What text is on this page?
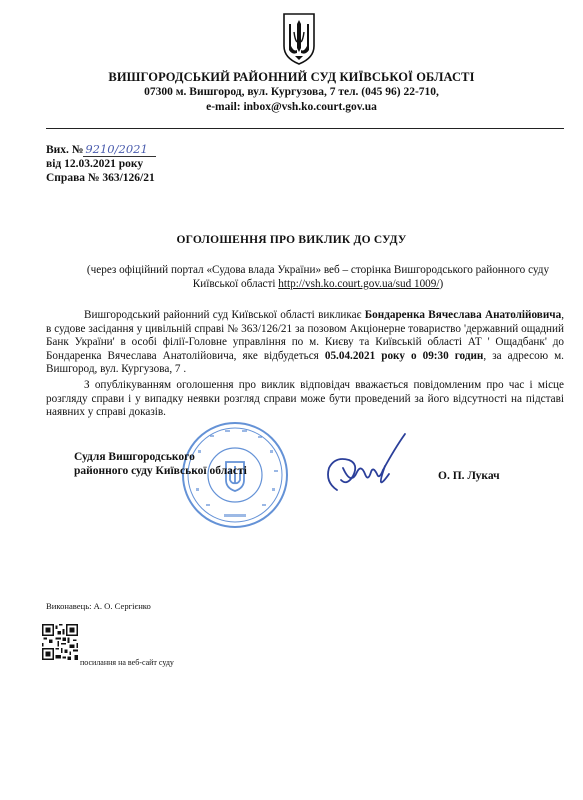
ВИШГОРОДСЬКИЙ РАЙОННИЙ СУД КИЇВСЬКОЇ ОБЛАСТІ
07300 м. Вишгород, вул. Кургузова, 7 тел. (045 96) 22-710,
e-mail: inbox@vsh.ko.court.gov.ua
Вих. № 9210/2021
від 12.03.2021 року
Справа № 363/126/21
ОГОЛОШЕННЯ ПРО ВИКЛИК ДО СУДУ
(через офіційний портал «Судова влада України» веб – сторінка Вишгородського районного суду Київської області http://vsh.ko.court.gov.ua/sud 1009/)
Вишгородський районний суд Київської області викликає Бондаренка Вячеслава Анатолійовича, в судове засідання у цивільній справі № 363/126/21 за позовом Акціонерне товариство 'державний ощадний Банк України' в особі філії-Головне управління по м. Києву та Київській області АТ ' Ощадбанк' до Бондаренка Вячеслава Анатолійовича, яке відбудеться 05.04.2021 року о 09:30 годин, за адресою м. Вишгород, вул. Кургузова, 7 .
З опублікуванням оголошення про виклик відповідач вважається повідомленим про час і місце розгляду справи і у випадку неявки розгляд справи може бути проведений за його відсутності на підставі наявних у справі доказів.
Судля Вишгородського
районного суду Київської області	О. П. Лукач
Виконавець: А. О. Сергієнко
посилання на веб-сайт суду
